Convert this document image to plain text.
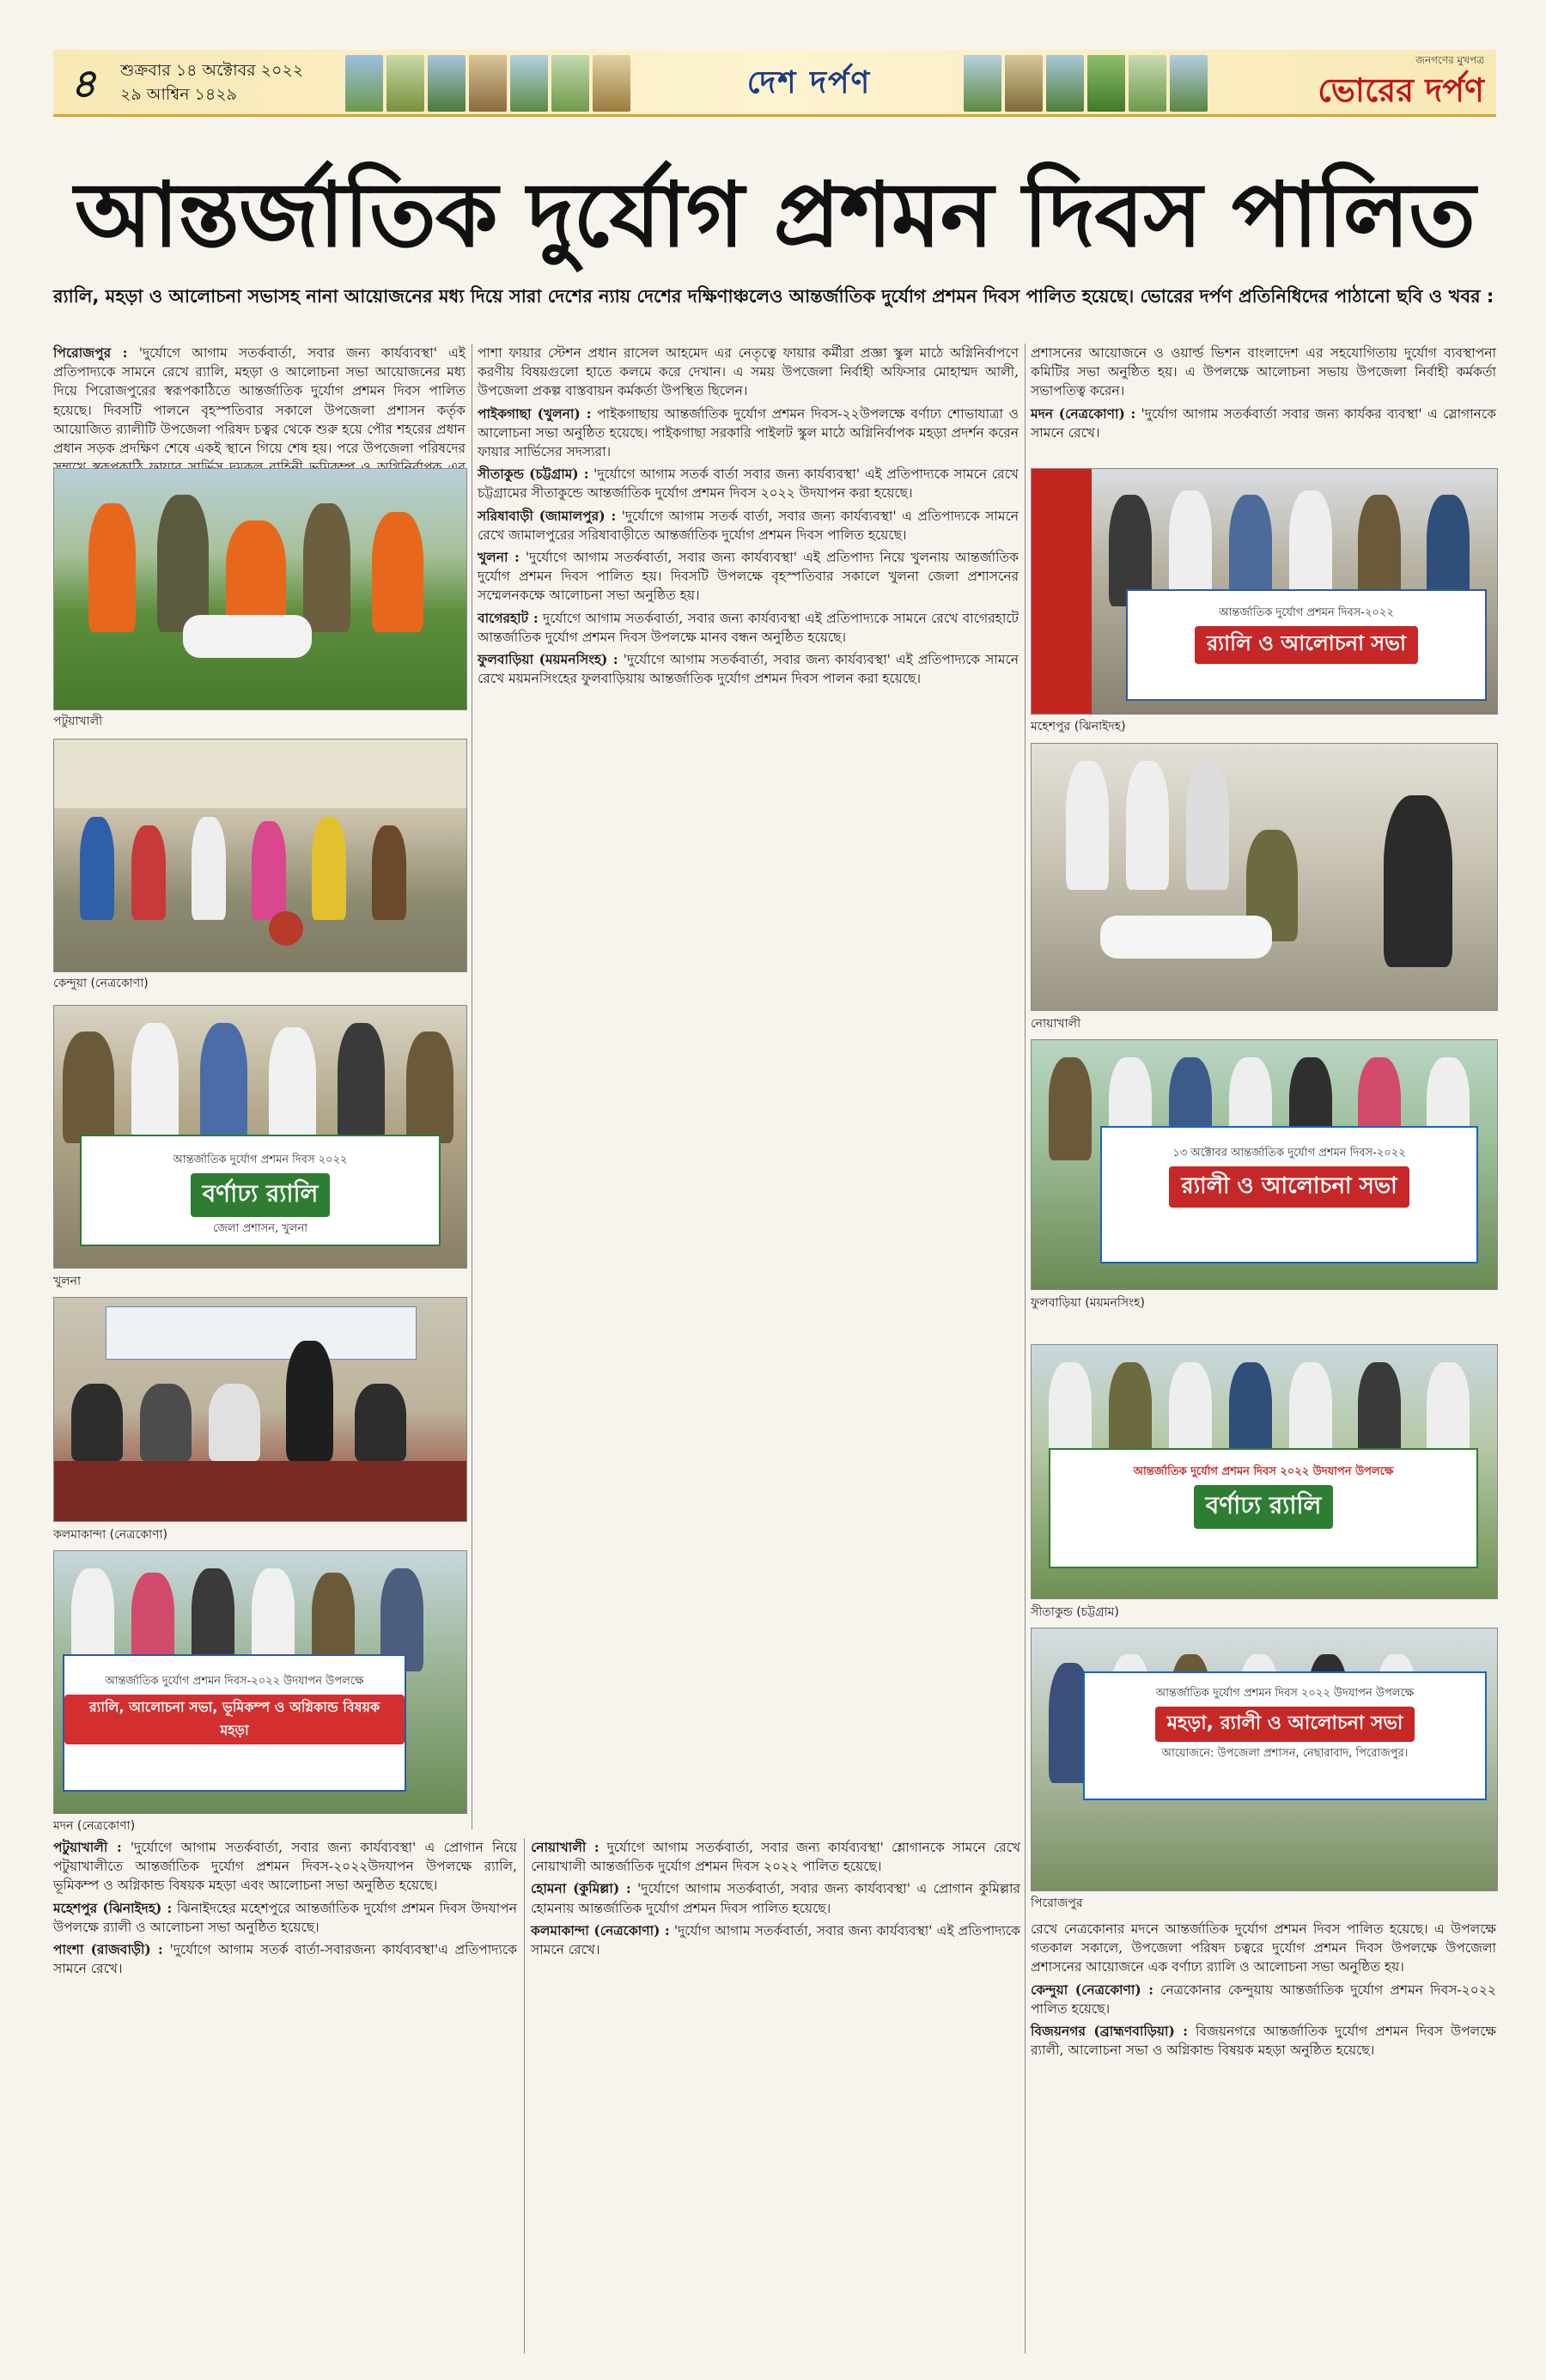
৪	শুক্রবার ১৪ অক্টোবর ২০২২
২৯ আশ্বিন ১৪২৯	দেশ দর্পণ
জনগণের মুখপত্র
ভোরের দর্পণ
আন্তর্জাতিক দুর্যোগ প্রশমন দিবস পালিত
র‍্যালি, মহড়া ও আলোচনা সভাসহ নানা আয়োজনের মধ্য দিয়ে সারা দেশের ন্যায় দেশের দক্ষিণাঞ্চলেও আন্তর্জাতিক দুর্যোগ প্রশমন দিবস পালিত হয়েছে। ভোরের দর্পণ প্রতিনিধিদের পাঠানো ছবি ও খবর :

পিরোজপুর : 'দুর্যোগে আগাম সতর্কবার্তা, সবার জন্য কার্যব্যবস্থা' এই প্রতিপাদ্যকে সামনে রেখে র‍্যালি, মহড়া ও আলোচনা সভা আয়োজনের মধ্য দিয়ে পিরোজপুরের স্বরূপকাঠিতে আন্তর্জাতিক দুর্যোগ প্রশমন দিবস পালিত হয়েছে। দিবসটি পালনে বৃহস্পতিবার সকালে উপজেলা প্রশাসন কর্তৃক আয়োজিত র‍্যালীটি উপজেলা পরিষদ চত্বর থেকে শুরু হয়ে পৌর শহরের প্রধান প্রধান সড়ক প্রদক্ষিণ শেষে একই স্থানে গিয়ে শেষ হয়। পরে উপজেলা পরিষদের

পটুয়াখালী
কেন্দুয়া (নেত্রকোণা)
আন্তর্জাতিক দুর্যোগ প্রশমন দিবস ২০২২
বর্ণাঢ্য র‍্যালি
জেলা প্রশাসন, খুলনা
খুলনা
কলমাকান্দা (নেত্রকোণা)
আন্তর্জাতিক দুর্যোগ প্রশমন দিবস-২০২২ উদযাপন উপলক্ষে
র‍্যালি, আলোচনা সভা, ভূমিকম্প ও অগ্নিকান্ড বিষয়ক মহড়া
মদন (নেত্রকোণা)

পাশা ফায়ার স্টেশন প্রধান রাসেল আহমেদ এর নেতৃত্বে ফায়ার কর্মীরা প্রজ্ঞা স্কুল মাঠে অগ্নিনির্বাপণে করণীয় বিষয়গুলো হাতে কলমে করে দেখান। এ সময় উপজেলা নির্বাহী অফিসার মোহাম্মদ আলী, উপজেলা প্রকল্প বাস্তবায়ন কর্মকর্তা উপস্থিত ছিলেন।

পাইকগাছা (খুলনা) : পাইকগাছায় আন্তর্জাতিক দুর্যোগ প্রশমন দিবস-২২উপলক্ষে বর্ণাঢ্য শোভাযাত্রা ও আলোচনা সভা অনুষ্ঠিত হয়েছে। পাইকগাছা সরকারি পাইলট স্কুল মাঠে অগ্নিনির্বাপক মহড়া প্রদর্শন করেন ফায়ার সার্ভিসের সদস্যরা।

সীতাকুন্ড (চট্টগ্রাম) : 'দুর্যোগে আগাম সতর্ক বার্তা সবার জন্য কার্যব্যবস্থা' এই প্রতিপাদ্যকে সামনে রেখে চট্টগ্রামের সীতাকুন্ডে আন্তর্জাতিক দুর্যোগ প্রশমন দিবস ২০২২ উদযাপন করা হয়েছে।

সরিষাবাড়ী (জামালপুর) : 'দুর্যোগে আগাম সতর্ক বার্তা, সবার জন্য কার্যব্যবস্থা' এ প্রতিপাদ্যকে সামনে রেখে জামালপুরের সরিষাবাড়ীতে আন্তর্জাতিক দুর্যোগ প্রশমন দিবস পালিত হয়েছে।

খুলনা : 'দুর্যোগে আগাম সতর্কবার্তা, সবার জন্য কার্যব্যবস্থা' এই প্রতিপাদ্য নিয়ে খুলনায় আন্তর্জাতিক দুর্যোগ প্রশমন দিবস পালিত হয়। দিবসটি উপলক্ষে বৃহস্পতিবার সকালে খুলনা জেলা প্রশাসনের সম্মেলনকক্ষে আলোচনা সভা অনুষ্ঠিত হয়।

বাগেরহাট : দুর্যোগে আগাম সতর্কবার্তা, সবার জন্য কার্যব্যবস্থা এই প্রতিপাদ্যকে সামনে রেখে বাগেরহাটে আন্তর্জাতিক দুর্যোগ প্রশমন দিবস উপলক্ষে মানব বন্ধন অনুষ্ঠিত হয়েছে।

ফুলবাড়িয়া (ময়মনসিংহ) : 'দুর্যোগে আগাম সতর্কবার্তা, সবার জন্য কার্যব্যবস্থা' এই প্রতিপাদ্যকে সামনে রেখে ময়মনসিংহের ফুলবাড়িয়ায় আন্তর্জাতিক দুর্যোগ প্রশমন দিবস পালন করা হয়েছে।

প্রশাসনের আয়োজনে ও ওয়ার্ল্ড ভিশন বাংলাদেশ এর সহযোগিতায় দুর্যোগ ব্যবস্থাপনা কমিটির সভা অনুষ্ঠিত হয়। এ উপলক্ষে আলোচনা সভায় উপজেলা নির্বাহী কর্মকর্তা সভাপতিত্ব করেন।

মদন (নেত্রকোণা) : 'দুর্যোগ আগাম সতর্কবার্তা সবার জন্য কার্যকর ব্যবস্থা' এ স্লোগানকে সামনে রেখে।

আন্তর্জাতিক দুর্যোগ প্রশমন দিবস-২০২২
র‍্যালি ও আলোচনা সভা
মহেশপুর (ঝিনাইদহ)
নোয়াখালী
১৩ অক্টোবর আন্তর্জাতিক দুর্যোগ প্রশমন দিবস-২০২২
র‍্যালী ও আলোচনা সভা
ফুলবাড়িয়া (ময়মনসিংহ)
আন্তর্জাতিক দুর্যোগ প্রশমন দিবস ২০২২ উদযাপন উপলক্ষে
বর্ণাঢ্য র‍্যালি
সীতাকুন্ড (চট্টগ্রাম)
আন্তর্জাতিক দুর্যোগ প্রশমন দিবস ২০২২ উদযাপন উপলক্ষে
মহড়া, র‍্যালী ও আলোচনা সভা
আয়োজনে: উপজেলা প্রশাসন, নেছারাবাদ, পিরোজপুর।
পিরোজপুর

পটুয়াখালী : 'দুর্যোগে আগাম সতর্কবার্তা, সবার জন্য কার্যব্যবস্থা' এ প্রোগান নিয়ে পটুয়াখালীতে আন্তর্জাতিক দুর্যোগ প্রশমন দিবস-২০২২উদযাপন উপলক্ষে র‍্যালি, ভূমিকম্প ও অগ্নিকান্ড বিষয়ক মহড়া এবং আলোচনা সভা অনুষ্ঠিত হয়েছে।

মহেশপুর (ঝিনাইদহ) : ঝিনাইদহের মহেশপুরে আন্তর্জাতিক দুর্যোগ প্রশমন দিবস উদযাপন উপলক্ষে র‍্যালী ও আলোচনা সভা অনুষ্ঠিত হয়েছে।

পাংশা (রাজবাড়ী) : 'দুর্যোগে আগাম সতর্ক বার্তা-সবারজন্য কার্যব্যবস্থা'এ প্রতিপাদ্যকে সামনে রেখে।

নোয়াখালী : দুর্যোগে আগাম সতর্কবার্তা, সবার জন্য কার্যব্যবস্থা' শ্লোগানকে সামনে রেখে নোয়াখালী আন্তর্জাতিক দুর্যোগ প্রশমন দিবস ২০২২ পালিত হয়েছে।

হোমনা (কুমিল্লা) : 'দুর্যোগে আগাম সতর্কবার্তা, সবার জন্য কার্যব্যবস্থা' এ প্রোগান কুমিল্লার হোমনায় আন্তর্জাতিক দুর্যোগ প্রশমন দিবস পালিত হয়েছে।

কলমাকান্দা (নেত্রকোণা) : 'দুর্যোগ আগাম সতর্কবার্তা, সবার জন্য কার্যব্যবস্থা' এই প্রতিপাদ্যকে সামনে রেখে।

রেখে নেত্রকোনার মদনে আন্তর্জাতিক দুর্যোগ প্রশমন দিবস পালিত হয়েছে। এ উপলক্ষে গতকাল সকালে, উপজেলা পরিষদ চত্বরে দুর্যোগ প্রশমন দিবস উপলক্ষে উপজেলা প্রশাসনের আয়োজনে এক বর্ণাঢ্য র‍্যালি ও আলোচনা সভা অনুষ্ঠিত হয়।

কেন্দুয়া (নেত্রকোণা) : নেত্রকোনার কেন্দুয়ায় আন্তর্জাতিক দুর্যোগ প্রশমন দিবস-২০২২ পালিত হয়েছে।

বিজয়নগর (ব্রাহ্মণবাড়িয়া) : বিজয়নগরে আন্তর্জাতিক দুর্যোগ প্রশমন দিবস উপলক্ষে র‍্যালী, আলোচনা সভা ও অগ্নিকান্ড বিষয়ক মহড়া অনুষ্ঠিত হয়েছে।
